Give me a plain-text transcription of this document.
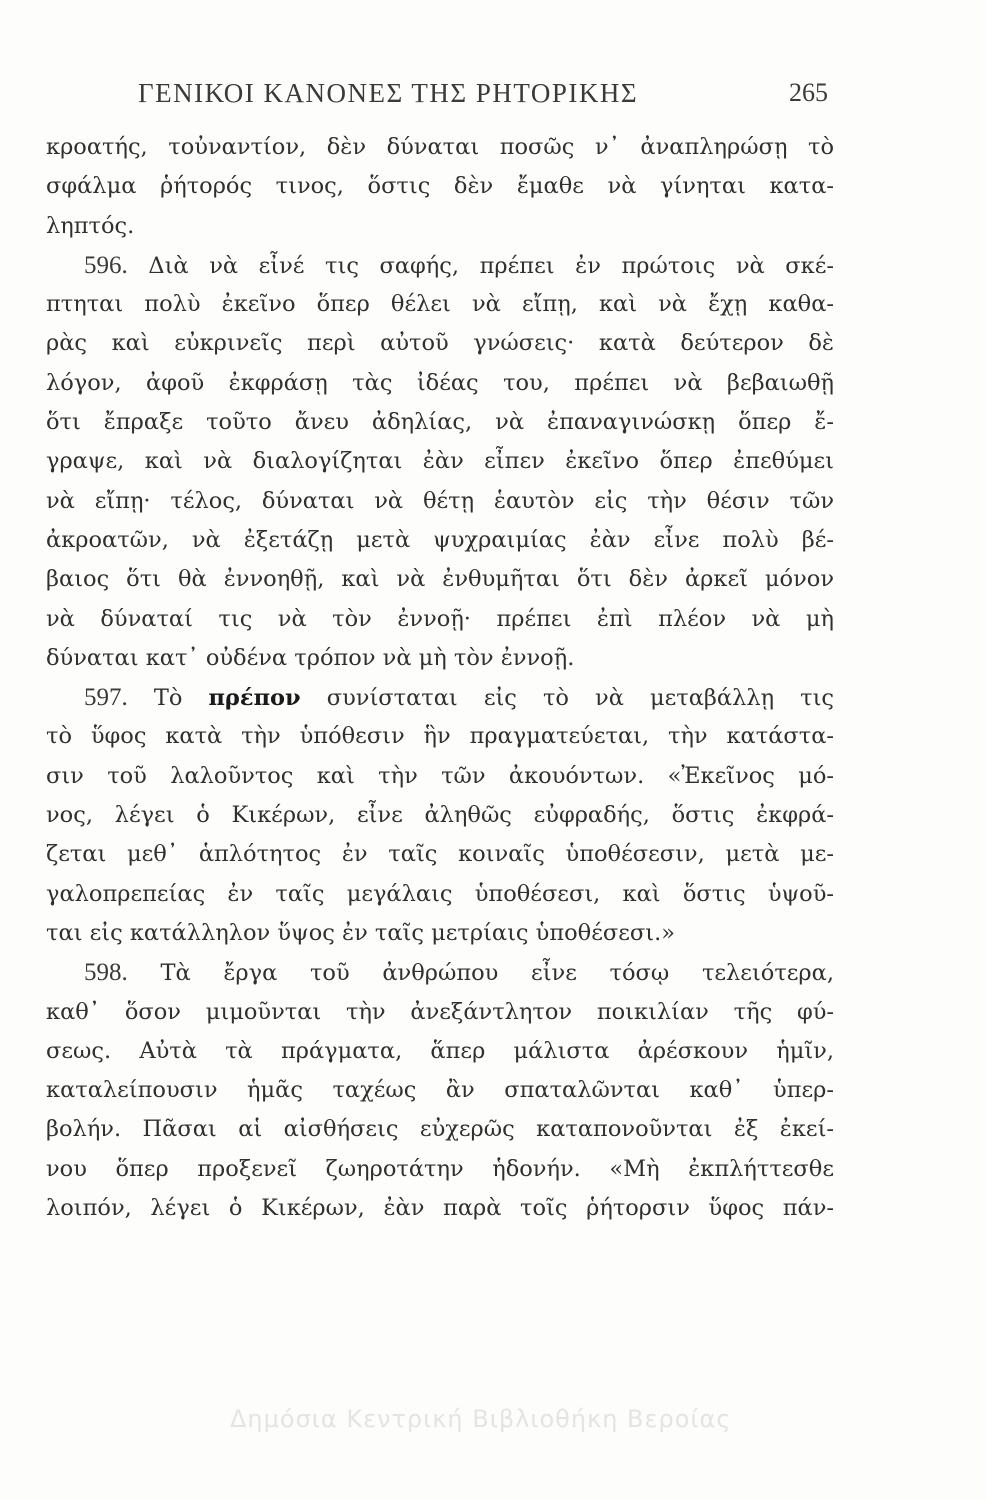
ΓΕΝΙΚΟΙ ΚΑΝΟΝΕΣ ΤΗΣ ΡΗΤΟΡΙΚΗΣ	265
κροατής, τοὐναντίον, δὲν δύναται ποσῶς ν᾽ ἀναπληρώσῃ τὸ
σφάλμα ῥήτορός τινος, ὅστις δὲν ἔμαθε νὰ γίνηται κατα-
ληπτός.
596. Διὰ νὰ εἶνέ τις σαφής, πρέπει ἐν πρώτοις νὰ σκέ-
πτηται πολὺ ἐκεῖνο ὅπερ θέλει νὰ εἴπῃ, καὶ νὰ ἔχῃ καθα-
ρὰς καὶ εὐκρινεῖς περὶ αὐτοῦ γνώσεις· κατὰ δεύτερον δὲ
λόγον, ἀφοῦ ἐκφράσῃ τὰς ἰδέας του, πρέπει νὰ βεβαιωθῇ
ὅτι ἔπραξε τοῦτο ἄνευ ἀδηλίας, νὰ ἐπαναγινώσκῃ ὅπερ ἔ-
γραψε, καὶ νὰ διαλογίζηται ἐὰν εἶπεν ἐκεῖνο ὅπερ ἐπεθύμει
νὰ εἴπῃ· τέλος, δύναται νὰ θέτῃ ἑαυτὸν εἰς τὴν θέσιν τῶν
ἀκροατῶν, νὰ ἐξετάζῃ μετὰ ψυχραιμίας ἐὰν εἶνε πολὺ βέ-
βαιος ὅτι θὰ ἐννοηθῇ, καὶ νὰ ἐνθυμῆται ὅτι δὲν ἀρκεῖ μόνον
νὰ δύναταί τις νὰ τὸν ἐννοῇ· πρέπει ἐπὶ πλέον νὰ μὴ
δύναται κατ᾽ οὐδένα τρόπον νὰ μὴ τὸν ἐννοῇ.
597. Τὸ πρέπον συνίσταται εἰς τὸ νὰ μεταβάλλῃ τις
τὸ ὕφος κατὰ τὴν ὑπόθεσιν ἣν πραγματεύεται, τὴν κατάστα-
σιν τοῦ λαλοῦντος καὶ τὴν τῶν ἀκουόντων. «Ἐκεῖνος μό-
νος, λέγει ὁ Κικέρων, εἶνε ἀληθῶς εὐφραδής, ὅστις ἐκφρά-
ζεται μεθ᾽ ἁπλότητος ἐν ταῖς κοιναῖς ὑποθέσεσιν, μετὰ με-
γαλοπρεπείας ἐν ταῖς μεγάλαις ὑποθέσεσι, καὶ ὅστις ὑψοῦ-
ται εἰς κατάλληλον ὕψος ἐν ταῖς μετρίαις ὑποθέσεσι.»
598. Τὰ ἔργα τοῦ ἀνθρώπου εἶνε τόσῳ τελειότερα,
καθ᾽ ὅσον μιμοῦνται τὴν ἀνεξάντλητον ποικιλίαν τῆς φύ-
σεως. Αὐτὰ τὰ πράγματα, ἅπερ μάλιστα ἀρέσκουν ἡμῖν,
καταλείπουσιν ἡμᾶς ταχέως ἂν σπαταλῶνται καθ᾽ ὑπερ-
βολήν. Πᾶσαι αἱ αἰσθήσεις εὐχερῶς καταπονοῦνται ἐξ ἐκεί-
νου ὅπερ προξενεῖ ζωηροτάτην ἡδονήν. «Μὴ ἐκπλήττεσθε
λοιπόν, λέγει ὁ Κικέρων, ἐὰν παρὰ τοῖς ῥήτορσιν ὕφος πάν-
Δημόσια Κεντρική Βιβλιοθήκη Βεροίας
